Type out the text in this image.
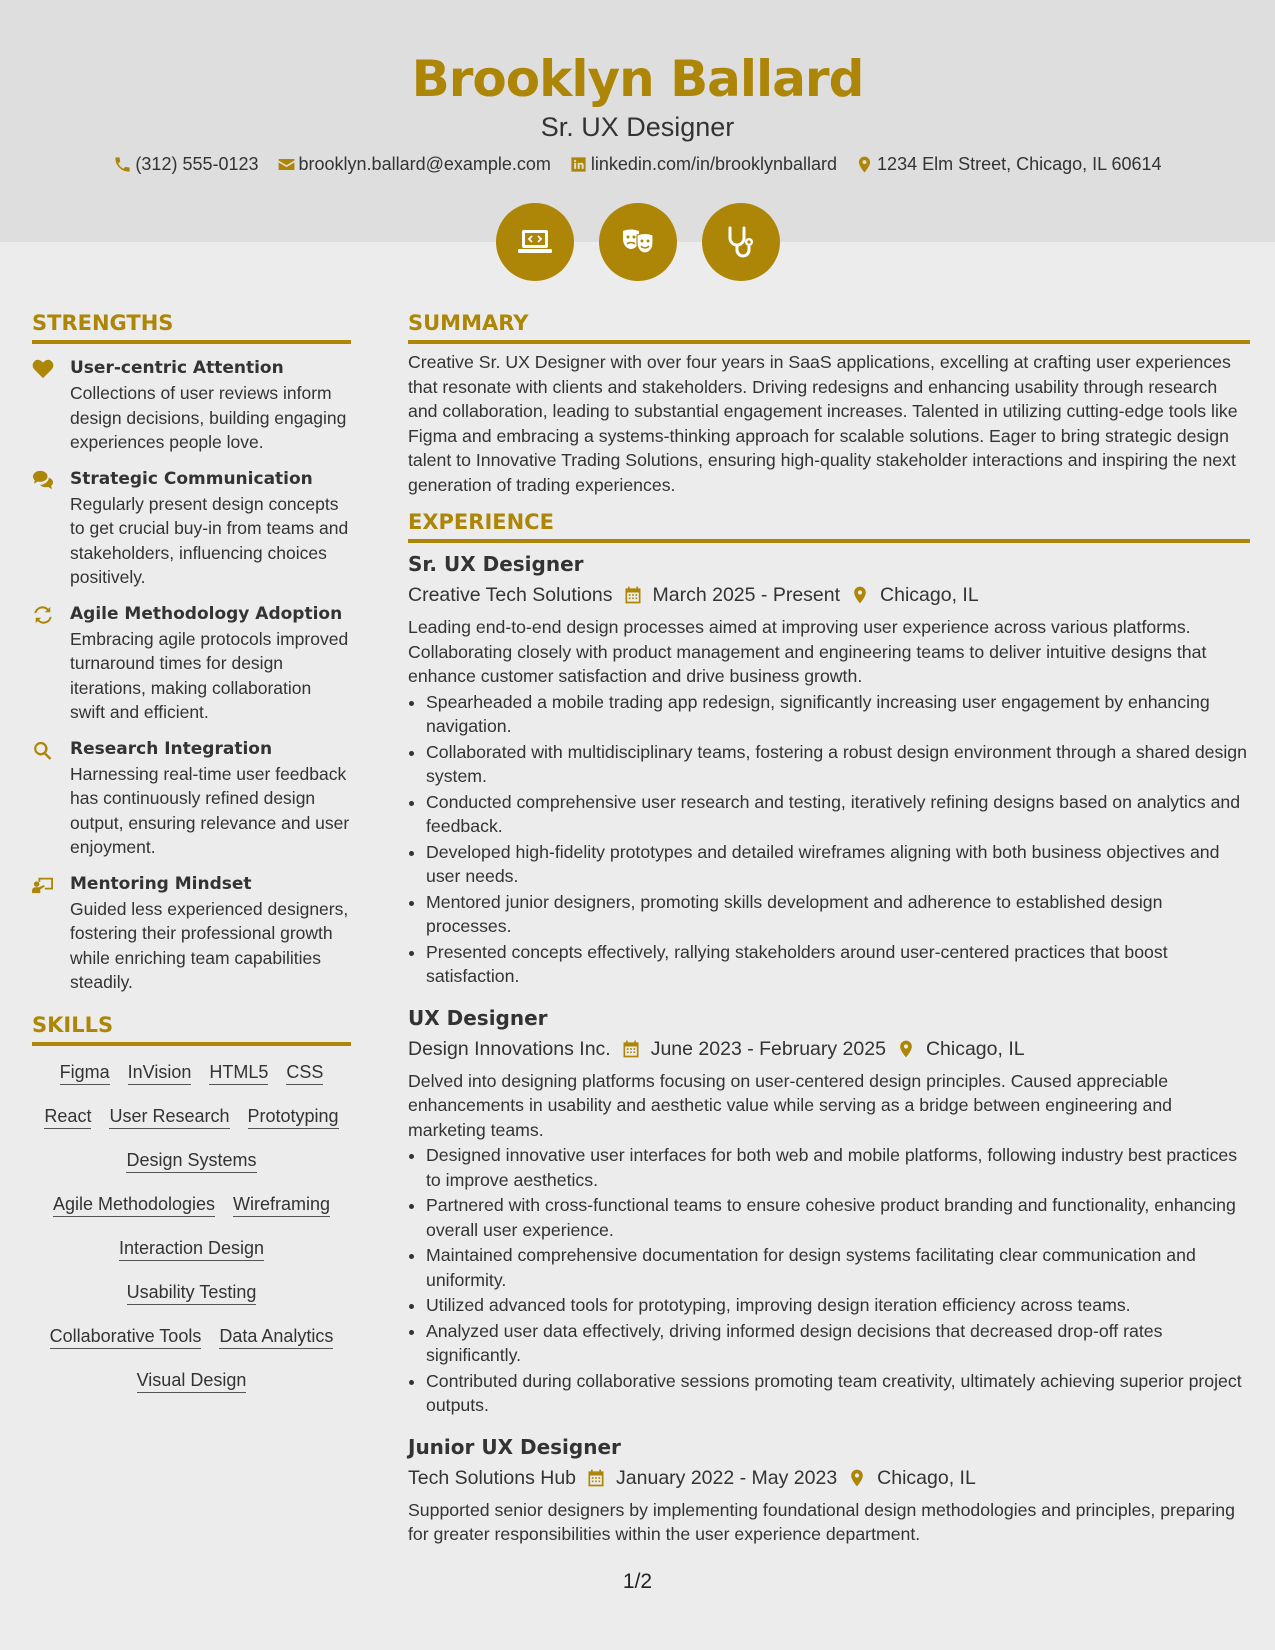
Brooklyn Ballard
Sr. UX Designer
(312) 555-0123 brooklyn.ballard@example.com linkedin.com/in/brooklynballard 1234 Elm Street, Chicago, IL 60614
STRENGTHS
User-centric Attention
Collections of user reviews inform design decisions, building engaging experiences people love.
Strategic Communication
Regularly present design concepts to get crucial buy-in from teams and stakeholders, influencing choices positively.
Agile Methodology Adoption
Embracing agile protocols improved turnaround times for design iterations, making collaboration swift and efficient.
Research Integration
Harnessing real-time user feedback has continuously refined design output, ensuring relevance and user enjoyment.
Mentoring Mindset
Guided less experienced designers, fostering their professional growth while enriching team capabilities steadily.
SKILLS
Figma InVision HTML5 CSS
React User Research Prototyping
Design Systems
Agile Methodologies Wireframing
Interaction Design
Usability Testing
Collaborative Tools Data Analytics
Visual Design
SUMMARY
Creative Sr. UX Designer with over four years in SaaS applications, excelling at crafting user experiences that resonate with clients and stakeholders. Driving redesigns and enhancing usability through research and collaboration, leading to substantial engagement increases. Talented in utilizing cutting-edge tools like Figma and embracing a systems-thinking approach for scalable solutions. Eager to bring strategic design talent to Innovative Trading Solutions, ensuring high-quality stakeholder interactions and inspiring the next generation of trading experiences.
EXPERIENCE
Sr. UX Designer
Creative Tech Solutions March 2025 - Present Chicago, IL
Leading end-to-end design processes aimed at improving user experience across various platforms. Collaborating closely with product management and engineering teams to deliver intuitive designs that enhance customer satisfaction and drive business growth.
• Spearheaded a mobile trading app redesign, significantly increasing user engagement by enhancing navigation.
• Collaborated with multidisciplinary teams, fostering a robust design environment through a shared design system.
• Conducted comprehensive user research and testing, iteratively refining designs based on analytics and feedback.
• Developed high-fidelity prototypes and detailed wireframes aligning with both business objectives and user needs.
• Mentored junior designers, promoting skills development and adherence to established design processes.
• Presented concepts effectively, rallying stakeholders around user-centered practices that boost satisfaction.
UX Designer
Design Innovations Inc. June 2023 - February 2025 Chicago, IL
Delved into designing platforms focusing on user-centered design principles. Caused appreciable enhancements in usability and aesthetic value while serving as a bridge between engineering and marketing teams.
• Designed innovative user interfaces for both web and mobile platforms, following industry best practices to improve aesthetics.
• Partnered with cross-functional teams to ensure cohesive product branding and functionality, enhancing overall user experience.
• Maintained comprehensive documentation for design systems facilitating clear communication and uniformity.
• Utilized advanced tools for prototyping, improving design iteration efficiency across teams.
• Analyzed user data effectively, driving informed design decisions that decreased drop-off rates significantly.
• Contributed during collaborative sessions promoting team creativity, ultimately achieving superior project outputs.
Junior UX Designer
Tech Solutions Hub January 2022 - May 2023 Chicago, IL
Supported senior designers by implementing foundational design methodologies and principles, preparing for greater responsibilities within the user experience department.
1/2
